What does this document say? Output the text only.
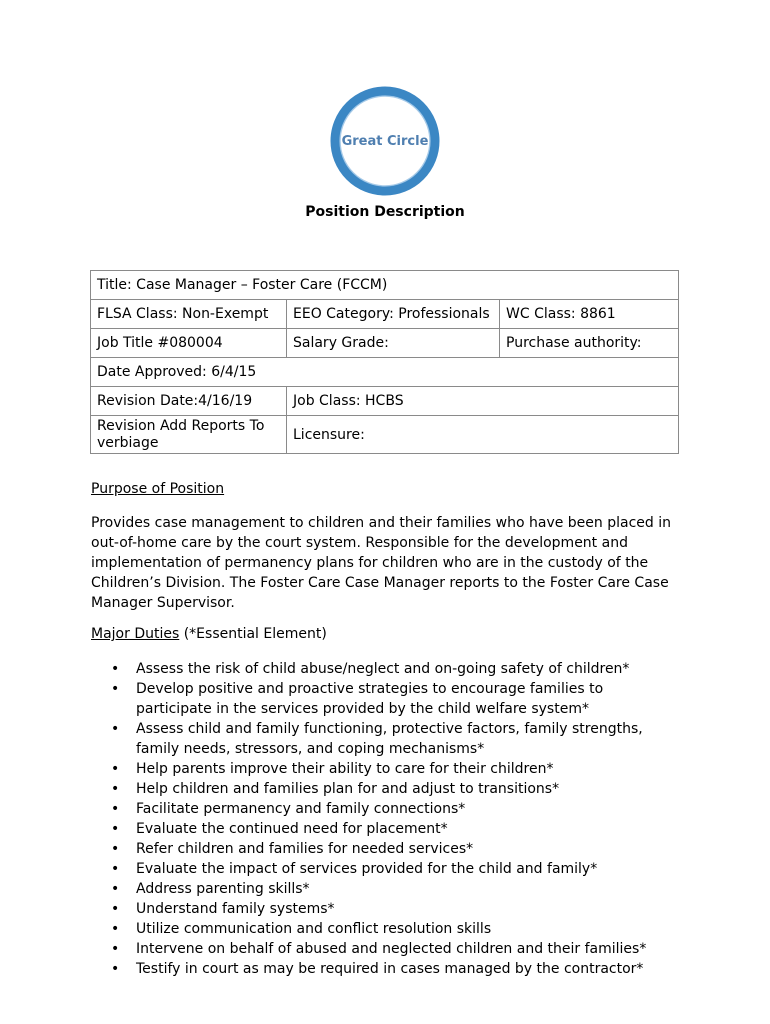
Great Circle
Position Description
Title: Case Manager – Foster Care (FCCM)		
FLSA Class: Non-Exempt	EEO Category: Professionals	WC Class: 8861
Job Title #080004	Salary Grade:	Purchase authority:
Date Approved: 6/4/15		
Revision Date:4/16/19	Job Class: HCBS	
Revision Add Reports To verbiage	Licensure:	
Purpose of Position
Provides case management to children and their families who have been placed in out-of-home care by the court system. Responsible for the development and implementation of permanency plans for children who are in the custody of the Children’s Division. The Foster Care Case Manager reports to the Foster Care Case Manager Supervisor.
Major Duties (*Essential Element)
• Assess the risk of child abuse/neglect and on-going safety of children*
• Develop positive and proactive strategies to encourage families to participate in the services provided by the child welfare system*
• Assess child and family functioning, protective factors, family strengths, family needs, stressors, and coping mechanisms*
• Help parents improve their ability to care for their children*
• Help children and families plan for and adjust to transitions*
• Facilitate permanency and family connections*
• Evaluate the continued need for placement*
• Refer children and families for needed services*
• Evaluate the impact of services provided for the child and family*
• Address parenting skills*
• Understand family systems*
• Utilize communication and conflict resolution skills
• Intervene on behalf of abused and neglected children and their families*
• Testify in court as may be required in cases managed by the contractor*
